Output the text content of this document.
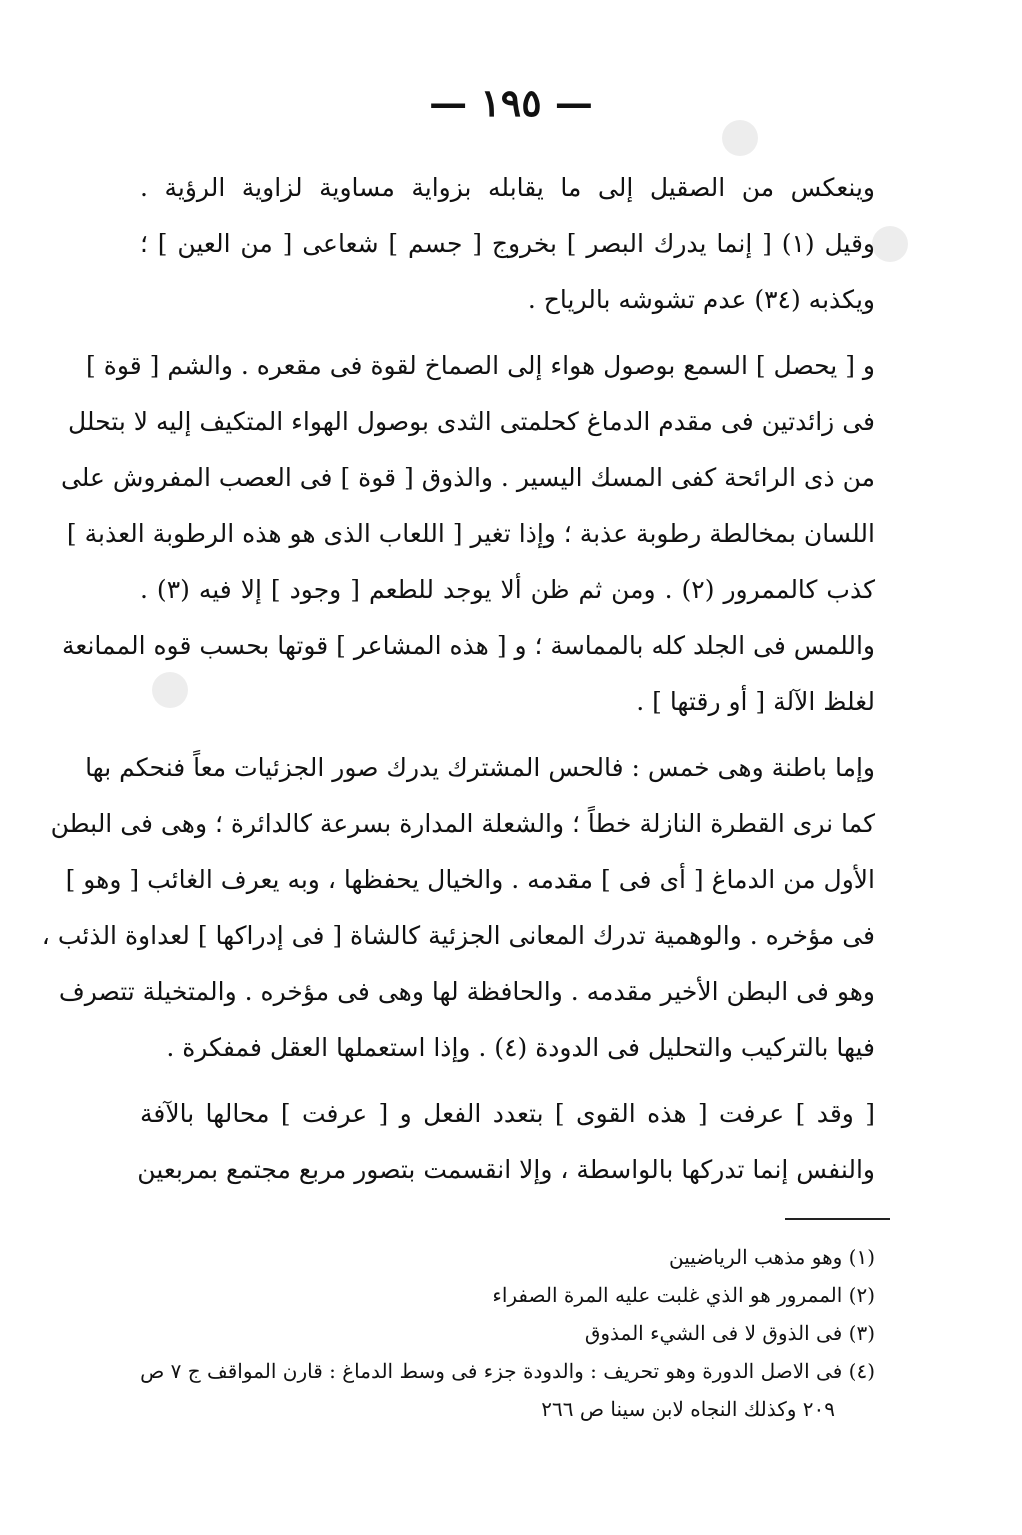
— ١٩٥ —
وينعكس من الصقيل إلى ما يقابله بزواية مساوية لزاوية الرؤية .
وقيل (١) [ إنما يدرك البصر ] بخروج [ جسم ] شعاعى [ من العين ] ؛
ويكذبه (٣٤) عدم تشوشه بالرياح .
و [ يحصل ] السمع بوصول هواء إلى الصماخ لقوة فى مقعره . والشم [ قوة ]
فى زائدتين فى مقدم الدماغ كحلمتى الثدى بوصول الهواء المتكيف إليه لا بتحلل
من ذى الرائحة كفى المسك اليسير . والذوق [ قوة ] فى العصب المفروش على
اللسان بمخالطة رطوبة عذبة ؛ وإذا تغير [ اللعاب الذى هو هذه الرطوبة العذبة ]
كذب كالممرور (٢) . ومن ثم ظن ألا يوجد للطعم [ وجود ] إلا فيه (٣) .
واللمس فى الجلد كله بالمماسة ؛ و [ هذه المشاعر ] قوتها بحسب قوه الممانعة
لغلظ الآلة [ أو رقتها ] .
وإما باطنة وهى خمس : فالحس المشترك يدرك صور الجزئيات معاً فنحكم بها
كما نرى القطرة النازلة خطاً ؛ والشعلة المدارة بسرعة كالدائرة ؛ وهى فى البطن
الأول من الدماغ [ أى فى ] مقدمه . والخيال يحفظها ، وبه يعرف الغائب [ وهو ]
فى مؤخره . والوهمية تدرك المعانى الجزئية كالشاة [ فى إدراكها ] لعداوة الذئب ،
وهو فى البطن الأخير مقدمه . والحافظة لها وهى فى مؤخره . والمتخيلة تتصرف
فيها بالتركيب والتحليل فى الدودة (٤) . وإذا استعملها العقل فمفكرة .
[ وقد ] عرفت [ هذه القوى ] بتعدد الفعل و [ عرفت ] محالها بالآفة
والنفس إنما تدركها بالواسطة ، وإلا انقسمت بتصور مربع مجتمع بمربعين
(١) وهو مذهب الرياضيين
(٢) الممرور هو الذي غلبت عليه المرة الصفراء
(٣) فى الذوق لا فى الشيء المذوق
(٤) فى الاصل الدورة وهو تحريف : والدودة جزء فى وسط الدماغ : قارن المواقف ج ٧ ص
٢٠٩ وكذلك النجاه لابن سينا ص ٢٦٦
